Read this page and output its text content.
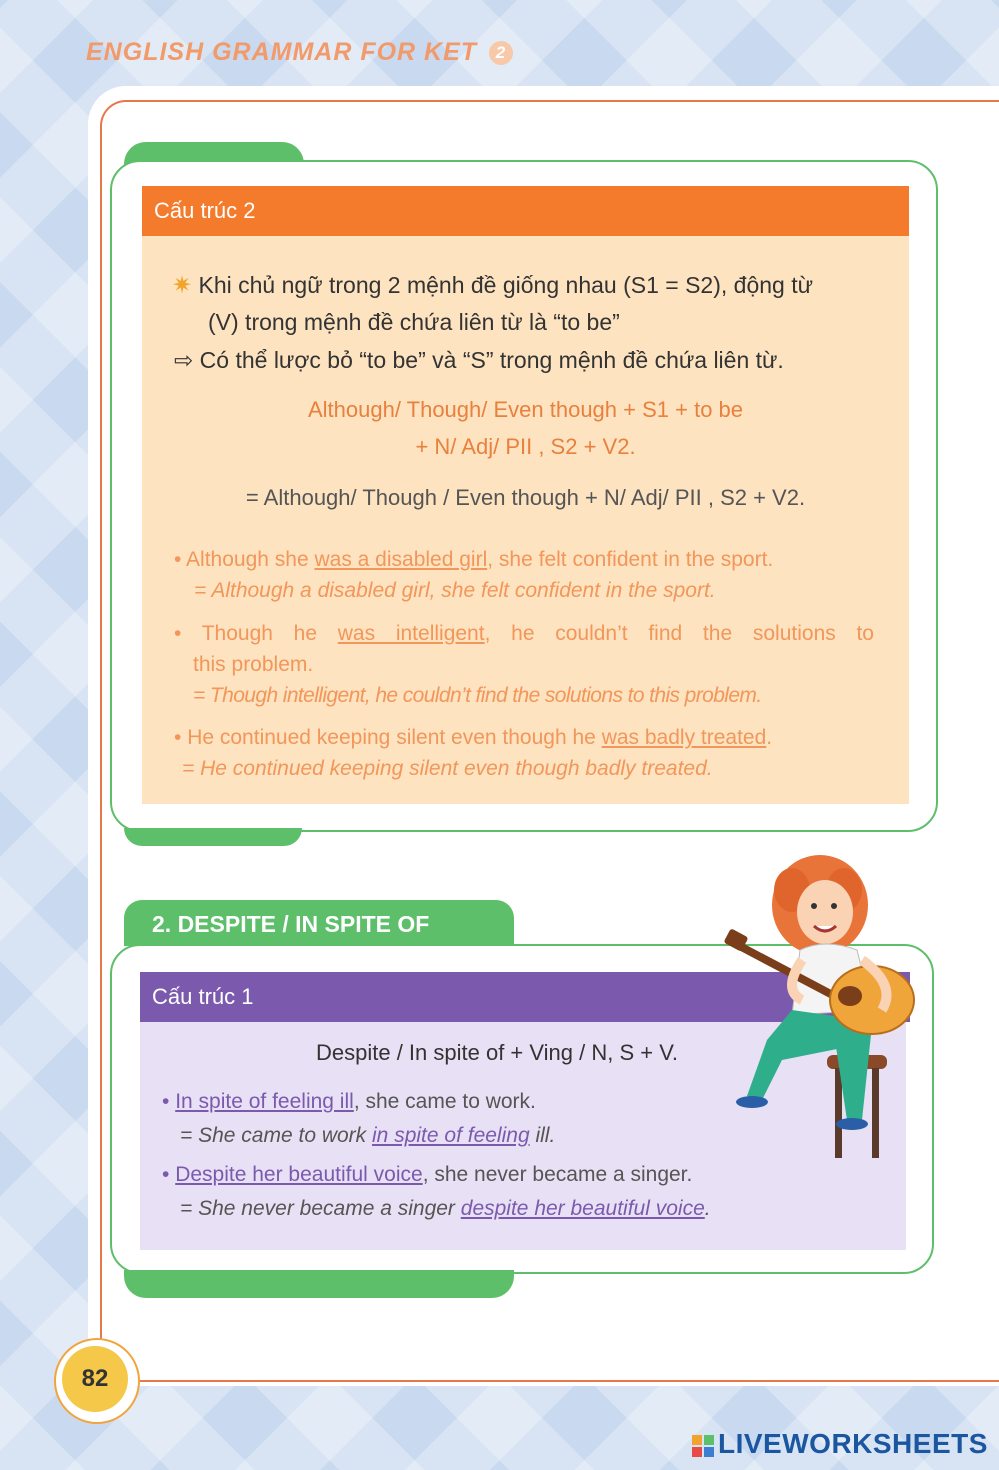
ENGLISH GRAMMAR FOR KET 2
Cấu trúc 2
✷ Khi chủ ngữ trong 2 mệnh đề giống nhau (S1 = S2), động từ
(V) trong mệnh đề chứa liên từ là “to be”
⇨ Có thể lược bỏ “to be” và “S” trong mệnh đề chứa liên từ.
Although/ Though/ Even though + S1 + to be
+ N/ Adj/ PII , S2 + V2.
= Although/ Though / Even though + N/ Adj/ PII , S2 + V2.
• Although she was a disabled girl, she felt confident in the sport.
= Although a disabled girl, she felt confident in the sport.
• Though he was intelligent, he couldn’t find the solutions to
this problem.
= Though intelligent, he couldn’t find the solutions to this problem.
• He continued keeping silent even though he was badly treated.
= He continued keeping silent even though badly treated.
2. DESPITE / IN SPITE OF
Cấu trúc 1
Despite / In spite of + Ving / N, S + V.
• In spite of feeling ill, she came to work.
= She came to work in spite of feeling ill.
• Despite her beautiful voice, she never became a singer.
= She never became a singer despite her beautiful voice.
82
LIVEWORKSHEETS
